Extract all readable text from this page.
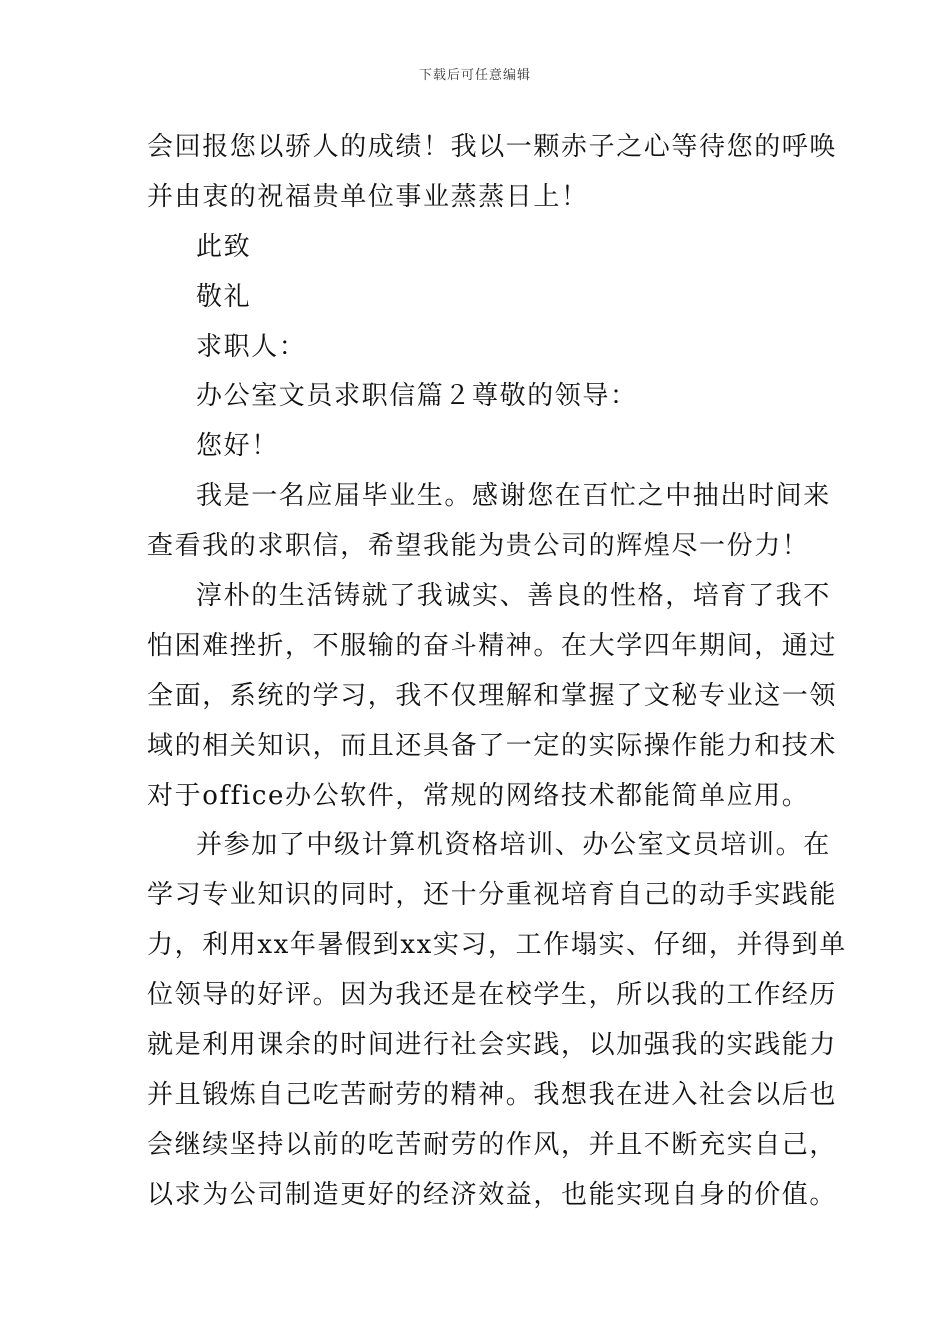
下载后可任意编辑
会回报您以骄人的成绩！我以一颗赤子之心等待您的呼唤
并由衷的祝福贵单位事业蒸蒸日上！
此致
敬礼
求职人：
办公室文员求职信篇２尊敬的领导：
您好！
我是一名应届毕业生。感谢您在百忙之中抽出时间来
查看我的求职信，希望我能为贵公司的辉煌尽一份力！
淳朴的生活铸就了我诚实、善良的性格，培育了我不
怕困难挫折，不服输的奋斗精神。在大学四年期间，通过
全面，系统的学习，我不仅理解和掌握了文秘专业这一领
域的相关知识，而且还具备了一定的实际操作能力和技术
对于office办公软件，常规的网络技术都能简单应用。
并参加了中级计算机资格培训、办公室文员培训。在
学习专业知识的同时，还十分重视培育自己的动手实践能
力，利用xx年暑假到xx实习，工作塌实、仔细，并得到单
位领导的好评。因为我还是在校学生，所以我的工作经历
就是利用课余的时间进行社会实践，以加强我的实践能力
并且锻炼自己吃苦耐劳的精神。我想我在进入社会以后也
会继续坚持以前的吃苦耐劳的作风，并且不断充实自己，
以求为公司制造更好的经济效益，也能实现自身的价值。
